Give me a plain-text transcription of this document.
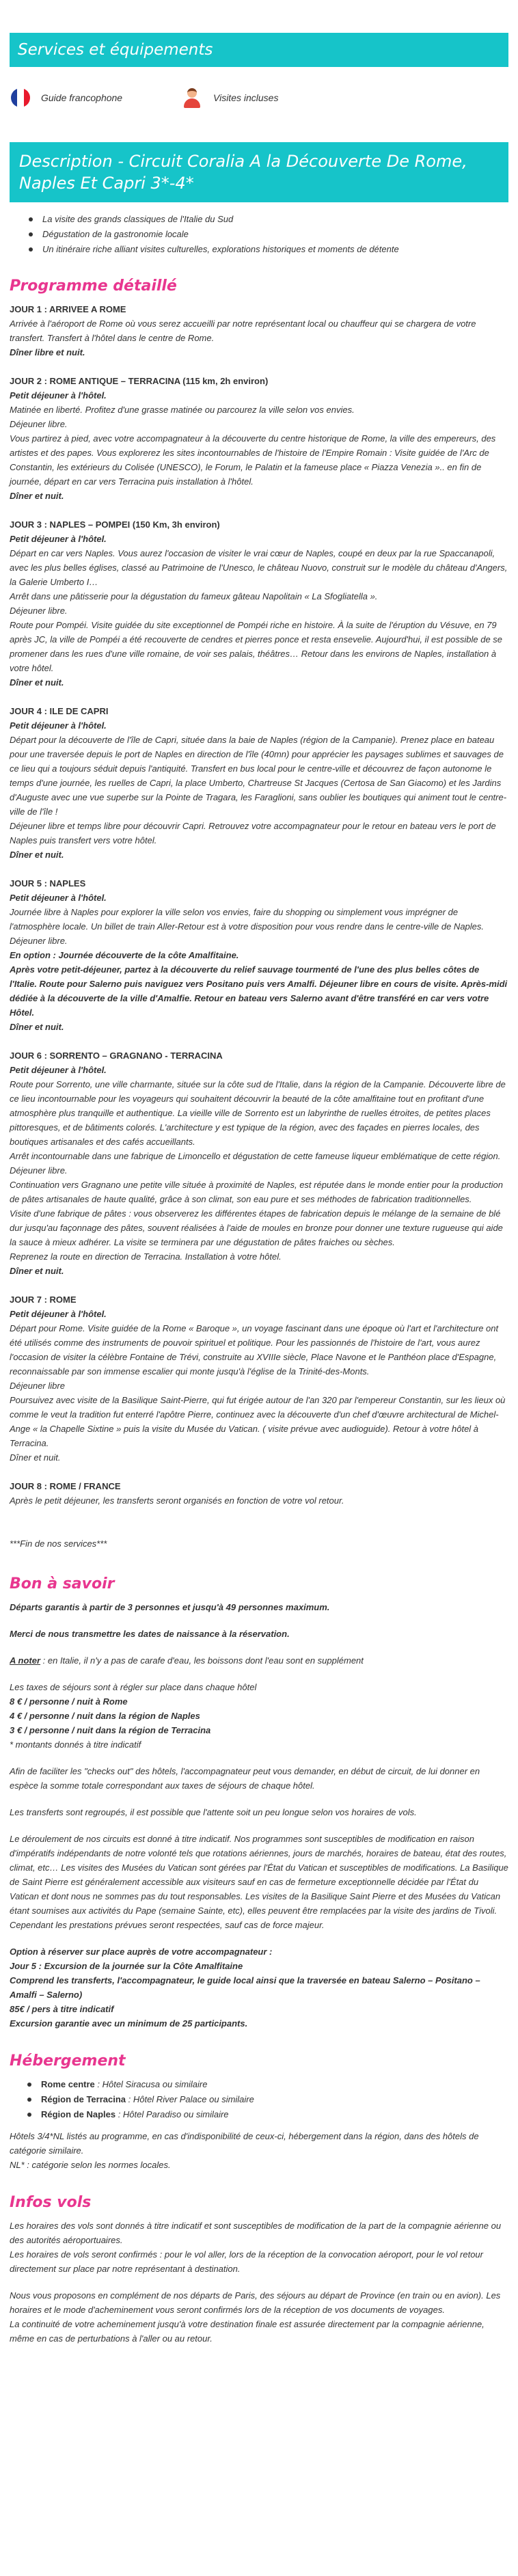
Services et équipements
Guide francophone	Visites incluses
Description - Circuit Coralia A la Découverte De Rome, Naples Et Capri 3*-4*
La visite des grands classiques de l'Italie du Sud
Dégustation de la gastronomie locale
Un itinéraire riche alliant visites culturelles, explorations historiques et moments de détente
Programme détaillé

JOUR 1 : ARRIVEE A ROME

Arrivée à l'aéroport de Rome où vous serez accueilli par notre représentant local ou chauffeur qui se chargera de votre transfert. Transfert à l'hôtel dans le centre de Rome.

Dîner libre et nuit.

JOUR 2 : ROME ANTIQUE – TERRACINA (115 km, 2h environ)

Petit déjeuner à l'hôtel.

Matinée en liberté. Profitez d'une grasse matinée ou parcourez la ville selon vos envies.

Déjeuner libre.

Vous partirez à pied, avec votre accompagnateur à la découverte du centre historique de Rome, la ville des empereurs, des artistes et des papes. Vous explorerez les sites incontournables de l'histoire de l'Empire Romain : Visite guidée de l'Arc de Constantin, les extérieurs du Colisée (UNESCO), le Forum, le Palatin et la fameuse place « Piazza Venezia ».. en fin de journée, départ en car vers Terracina puis installation à l'hôtel.

Dîner et nuit.

JOUR 3 : NAPLES – POMPEI (150 Km, 3h environ)

Petit déjeuner à l'hôtel.

Départ en car vers Naples. Vous aurez l'occasion de visiter le vrai cœur de Naples, coupé en deux par la rue Spaccanapoli, avec les plus belles églises, classé au Patrimoine de l'Unesco, le château Nuovo, construit sur le modèle du château d'Angers, la Galerie Umberto I…

Arrêt dans une pâtisserie pour la dégustation du fameux gâteau Napolitain « La Sfogliatella ».

Déjeuner libre.

Route pour Pompéi. Visite guidée du site exceptionnel de Pompéi riche en histoire. À la suite de l'éruption du Vésuve, en 79 après JC, la ville de Pompéi a été recouverte de cendres et pierres ponce et resta ensevelie. Aujourd'hui, il est possible de se promener dans les rues d'une ville romaine, de voir ses palais, théâtres… Retour dans les environs de Naples, installation à votre hôtel.

Dîner et nuit.

JOUR 4 : ILE DE CAPRI

Petit déjeuner à l'hôtel.

Départ pour la découverte de l'île de Capri, située dans la baie de Naples (région de la Campanie). Prenez place en bateau pour une traversée depuis le port de Naples en direction de l'île (40mn) pour apprécier les paysages sublimes et sauvages de ce lieu qui a toujours séduit depuis l'antiquité. Transfert en bus local pour le centre-ville et découvrez de façon autonome le temps d'une journée, les ruelles de Capri, la place Umberto, Chartreuse St Jacques (Certosa de San Giacomo) et les Jardins d'Auguste avec une vue superbe sur la Pointe de Tragara, les Faraglioni, sans oublier les boutiques qui animent tout le centre-ville de l'île !

Déjeuner libre et temps libre pour découvrir Capri. Retrouvez votre accompagnateur pour le retour en bateau vers le port de Naples puis transfert vers votre hôtel.

Dîner et nuit.

JOUR 5 : NAPLES

Petit déjeuner à l'hôtel.

Journée libre à Naples pour explorer la ville selon vos envies, faire du shopping ou simplement vous imprégner de l'atmosphère locale. Un billet de train Aller-Retour est à votre disposition pour vous rendre dans le centre-ville de Naples. Déjeuner libre.

En option : Journée découverte de la côte Amalfitaine.

Après votre petit-déjeuner, partez à la découverte du relief sauvage tourmenté de l'une des plus belles côtes de l'Italie. Route pour Salerno puis naviguez vers Positano puis vers Amalfi. Déjeuner libre en cours de visite. Après-midi dédiée à la découverte de la ville d'Amalfie. Retour en bateau vers Salerno avant d'être transféré en car vers votre Hôtel.

Dîner et nuit.

JOUR 6 : SORRENTO – GRAGNANO - TERRACINA

Petit déjeuner à l'hôtel.

Route pour Sorrento, une ville charmante, située sur la côte sud de l'Italie, dans la région de la Campanie. Découverte libre de ce lieu incontournable pour les voyageurs qui souhaitent découvrir la beauté de la côte amalfitaine tout en profitant d'une atmosphère plus tranquille et authentique. La vieille ville de Sorrento est un labyrinthe de ruelles étroites, de petites places pittoresques, et de bâtiments colorés. L'architecture y est typique de la région, avec des façades en pierres locales, des boutiques artisanales et des cafés accueillants.

Arrêt incontournable dans une fabrique de Limoncello et dégustation de cette fameuse liqueur emblématique de cette région.

Déjeuner libre.

Continuation vers Gragnano une petite ville située à proximité de Naples, est réputée dans le monde entier pour la production de pâtes artisanales de haute qualité, grâce à son climat, son eau pure et ses méthodes de fabrication traditionnelles.

Visite d'une fabrique de pâtes : vous observerez les différentes étapes de fabrication depuis le mélange de la semaine de blé dur jusqu'au façonnage des pâtes, souvent réalisées à l'aide de moules en bronze pour donner une texture rugueuse qui aide la sauce à mieux adhérer. La visite se terminera par une dégustation de pâtes fraiches ou sèches.

Reprenez la route en direction de Terracina. Installation à votre hôtel.

Dîner et nuit.

JOUR 7 : ROME

Petit déjeuner à l'hôtel.

Départ pour Rome. Visite guidée de la Rome « Baroque », un voyage fascinant dans une époque où l'art et l'architecture ont été utilisés comme des instruments de pouvoir spirituel et politique. Pour les passionnés de l'histoire de l'art, vous aurez l'occasion de visiter la célèbre Fontaine de Trévi, construite au XVIIIe siècle, Place Navone et le Panthéon place d'Espagne, reconnaissable par son immense escalier qui monte jusqu'à l'église de la Trinité-des-Monts.

Déjeuner libre

Poursuivez avec visite de la Basilique Saint-Pierre, qui fut érigée autour de l'an 320 par l'empereur Constantin, sur les lieux où comme le veut la tradition fut enterré l'apôtre Pierre, continuez avec la découverte d'un chef d'œuvre architectural de Michel-Ange « la Chapelle Sixtine » puis la visite du Musée du Vatican. ( visite prévue avec audioguide). Retour à votre hôtel à Terracina.

Dîner et nuit.

JOUR 8 : ROME / FRANCE

Après le petit déjeuner, les transferts seront organisés en fonction de votre vol retour.

***Fin de nos services***

Bon à savoir

Départs garantis à partir de 3 personnes et jusqu'à 49 personnes maximum.

Merci de nous transmettre les dates de naissance à la réservation.

A noter : en Italie, il n'y a pas de carafe d'eau, les boissons dont l'eau sont en supplément

Les taxes de séjours sont à régler sur place dans chaque hôtel

8 € / personne / nuit à Rome

4 € / personne / nuit dans la région de Naples

3 € / personne / nuit dans la région de Terracina

* montants donnés à titre indicatif

Afin de faciliter les "checks out" des hôtels, l'accompagnateur peut vous demander, en début de circuit, de lui donner en espèce la somme totale correspondant aux taxes de séjours de chaque hôtel.

Les transferts sont regroupés, il est possible que l'attente soit un peu longue selon vos horaires de vols.

Le déroulement de nos circuits est donné à titre indicatif. Nos programmes sont susceptibles de modification en raison d'impératifs indépendants de notre volonté tels que rotations aériennes, jours de marchés, horaires de bateau, état des routes, climat, etc… Les visites des Musées du Vatican sont gérées par l'État du Vatican et susceptibles de modifications. La Basilique de Saint Pierre est généralement accessible aux visiteurs sauf en cas de fermeture exceptionnelle décidée par l'État du Vatican et dont nous ne sommes pas du tout responsables. Les visites de la Basilique Saint Pierre et des Musées du Vatican étant soumises aux activités du Pape (semaine Sainte, etc), elles peuvent être remplacées par la visite des jardins de Tivoli. Cependant les prestations prévues seront respectées, sauf cas de force majeur.

Option à réserver sur place auprès de votre accompagnateur :

Jour 5 : Excursion de la journée sur la Côte Amalfitaine

Comprend les transferts, l'accompagnateur, le guide local ainsi que la traversée en bateau Salerno – Positano – Amalfi – Salerno)

85€ / pers à titre indicatif

Excursion garantie avec un minimum de 25 participants.

Hébergement
Rome centre : Hôtel Siracusa ou similaire
Région de Terracina : Hôtel River Palace ou similaire
Région de Naples : Hôtel Paradiso ou similaire

Hôtels 3/4*NL listés au programme, en cas d'indisponibilité de ceux-ci, hébergement dans la région, dans des hôtels de catégorie similaire.

NL* : catégorie selon les normes locales.

Infos vols

Les horaires des vols sont donnés à titre indicatif et sont susceptibles de modification de la part de la compagnie aérienne ou des autorités aéroportuaires.

Les horaires de vols seront confirmés : pour le vol aller, lors de la réception de la convocation aéroport, pour le vol retour directement sur place par notre représentant à destination.

Nous vous proposons en complément de nos départs de Paris, des séjours au départ de Province (en train ou en avion). Les horaires et le mode d'acheminement vous seront confirmés lors de la réception de vos documents de voyages.

La continuité de votre acheminement jusqu'à votre destination finale est assurée directement par la compagnie aérienne, même en cas de perturbations à l'aller ou au retour.
